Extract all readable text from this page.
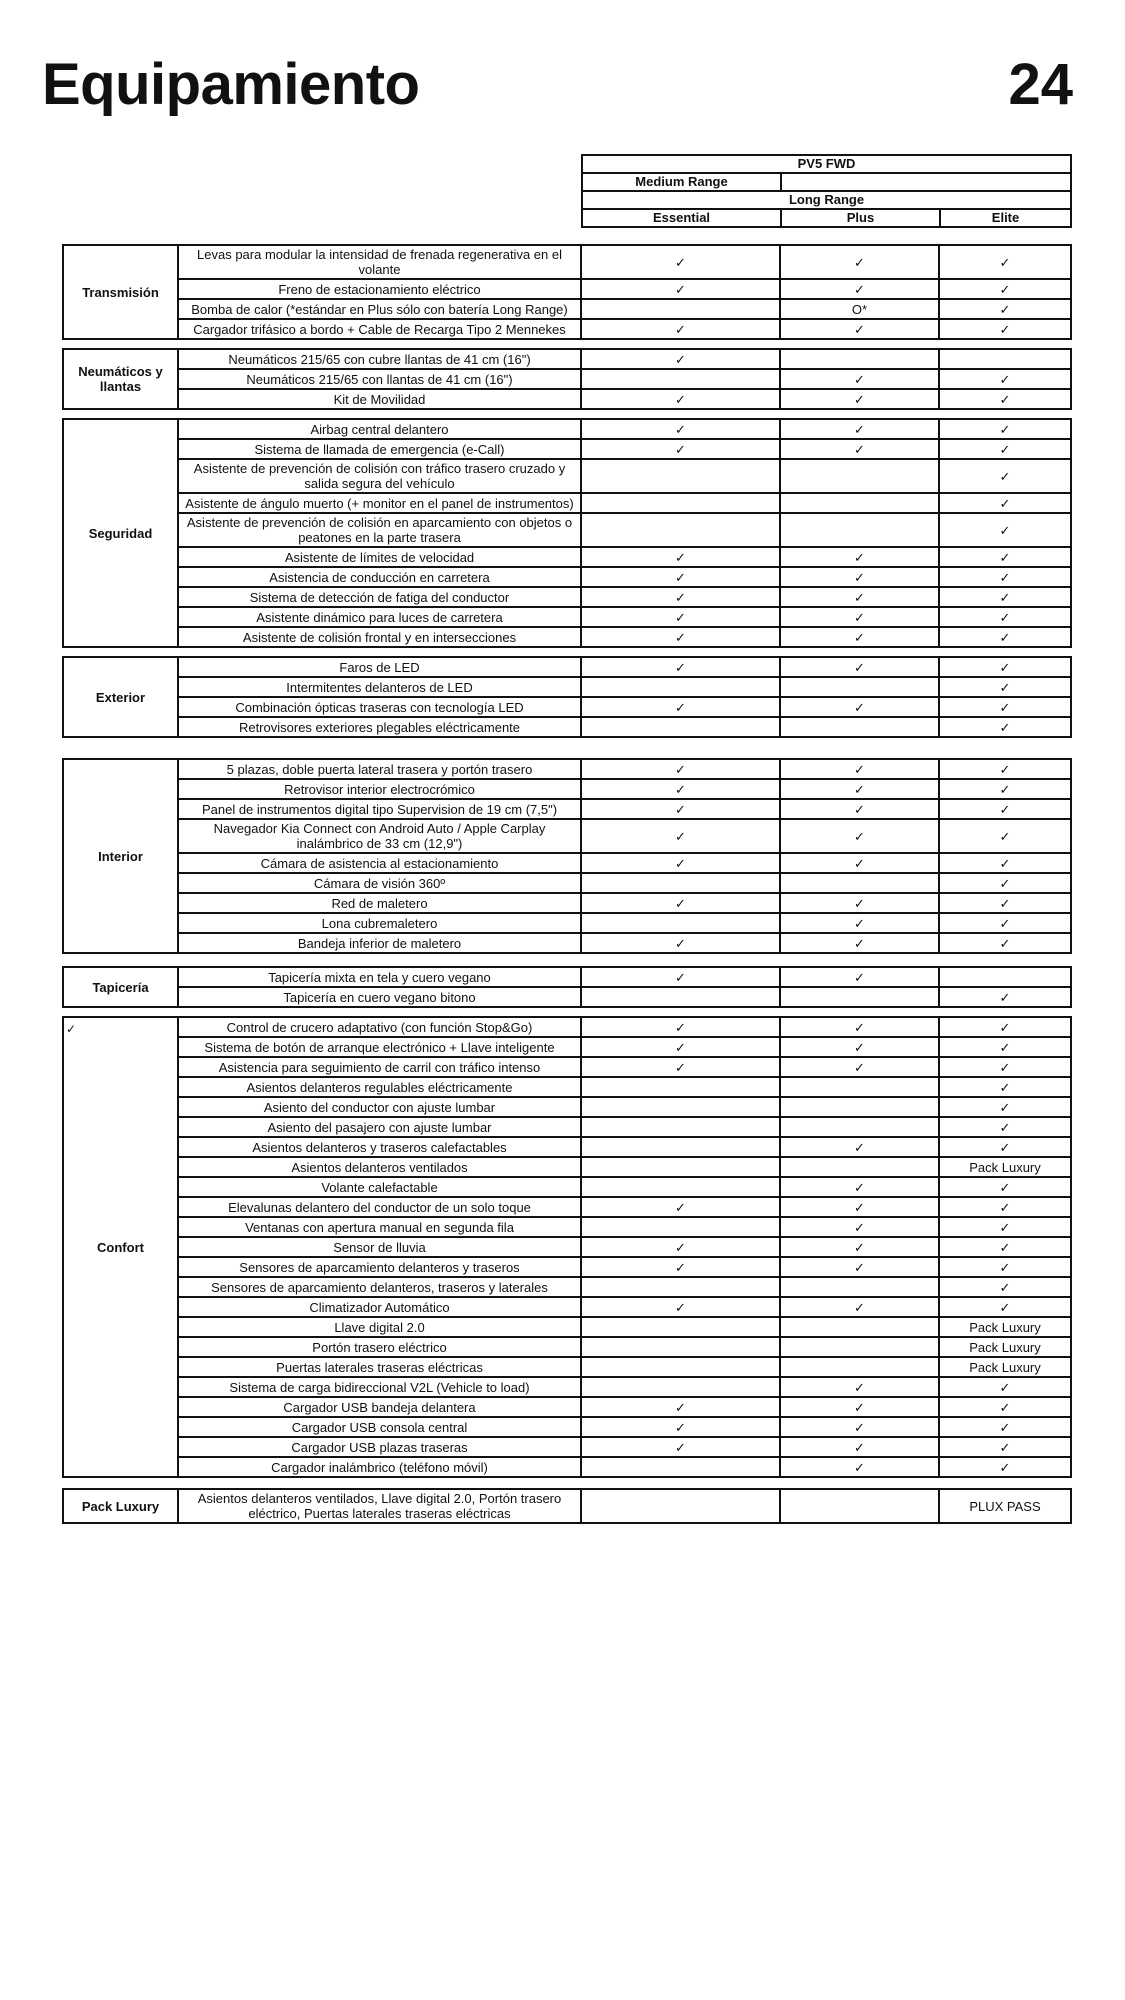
Equipamiento	24
PV5 FWD		
Medium Range		
Long Range		
Essential	Plus	Elite
Transmisión	Levas para modular la intensidad de frenada regenerativa en el volante	✓	✓	✓
	Freno de estacionamiento eléctrico	✓	✓	✓
	Bomba de calor (*estándar en Plus sólo con batería Long Range)		O*	✓
	Cargador trifásico a bordo + Cable de Recarga Tipo 2 Mennekes	✓	✓	✓
Neumáticos y llantas	Neumáticos 215/65 con cubre llantas de 41 cm (16")	✓		
	Neumáticos 215/65 con llantas de 41 cm (16")		✓	✓
	Kit de Movilidad	✓	✓	✓
Seguridad	Airbag central delantero	✓	✓	✓
	Sistema de llamada de emergencia (e-Call)	✓	✓	✓
	Asistente de prevención de colisión con tráfico trasero cruzado y salida segura del vehículo			✓
	Asistente de ángulo muerto (+ monitor en el panel de instrumentos)			✓
	Asistente de prevención de colisión en aparcamiento con objetos o peatones en la parte trasera			✓
	Asistente de límites de velocidad	✓	✓	✓
	Asistencia de conducción en carretera	✓	✓	✓
	Sistema de detección de fatiga del conductor	✓	✓	✓
	Asistente dinámico para luces de carretera	✓	✓	✓
	Asistente de colisión frontal y en intersecciones	✓	✓	✓
Exterior	Faros de LED	✓	✓	✓
	Intermitentes delanteros de LED			✓
	Combinación ópticas traseras con tecnología LED	✓	✓	✓
	Retrovisores exteriores plegables eléctricamente			✓
Interior	5 plazas, doble puerta lateral trasera y portón trasero	✓	✓	✓
	Retrovisor interior electrocrómico	✓	✓	✓
	Panel de instrumentos digital tipo Supervision de 19 cm (7,5")	✓	✓	✓
	Navegador Kia Connect con Android Auto / Apple Carplay inalámbrico de 33 cm (12,9")	✓	✓	✓
	Cámara de asistencia al estacionamiento	✓	✓	✓
	Cámara de visión 360º			✓
	Red de maletero	✓	✓	✓
	Lona cubremaletero		✓	✓
	Bandeja inferior de maletero	✓	✓	✓
Tapicería	Tapicería mixta en tela y cuero vegano	✓	✓	
	Tapicería en cuero vegano bitono			✓
Confort	Control de crucero adaptativo (con función Stop&Go)	✓	✓	✓
	Sistema de botón de arranque electrónico + Llave inteligente	✓	✓	✓
	Asistencia para seguimiento de carril con tráfico intenso	✓	✓	✓
	Asientos delanteros regulables eléctricamente			✓
	Asiento del conductor con ajuste lumbar			✓
	Asiento del pasajero con ajuste lumbar			✓
	Asientos delanteros y traseros calefactables		✓	✓
	Asientos delanteros ventilados			Pack Luxury
	Volante calefactable		✓	✓
	Elevalunas delantero del conductor de un solo toque	✓	✓	✓
	Ventanas con apertura manual en segunda fila		✓	✓
	Sensor de lluvia	✓	✓	✓
	Sensores de aparcamiento delanteros y traseros	✓	✓	✓
	Sensores de aparcamiento delanteros, traseros y laterales			✓
	Climatizador Automático	✓	✓	✓
	Llave digital 2.0			Pack Luxury
	Portón trasero eléctrico			Pack Luxury
	Puertas laterales traseras eléctricas			Pack Luxury
	Sistema de carga bidireccional V2L (Vehicle to load)		✓	✓
	Cargador USB bandeja delantera	✓	✓	✓
	Cargador USB consola central	✓	✓	✓
	Cargador USB plazas traseras	✓	✓	✓
	Cargador inalámbrico (teléfono móvil)		✓	✓
Pack Luxury	Asientos delanteros ventilados, Llave digital 2.0, Portón trasero eléctrico, Puertas laterales traseras eléctricas			PLUX PASS
✓
